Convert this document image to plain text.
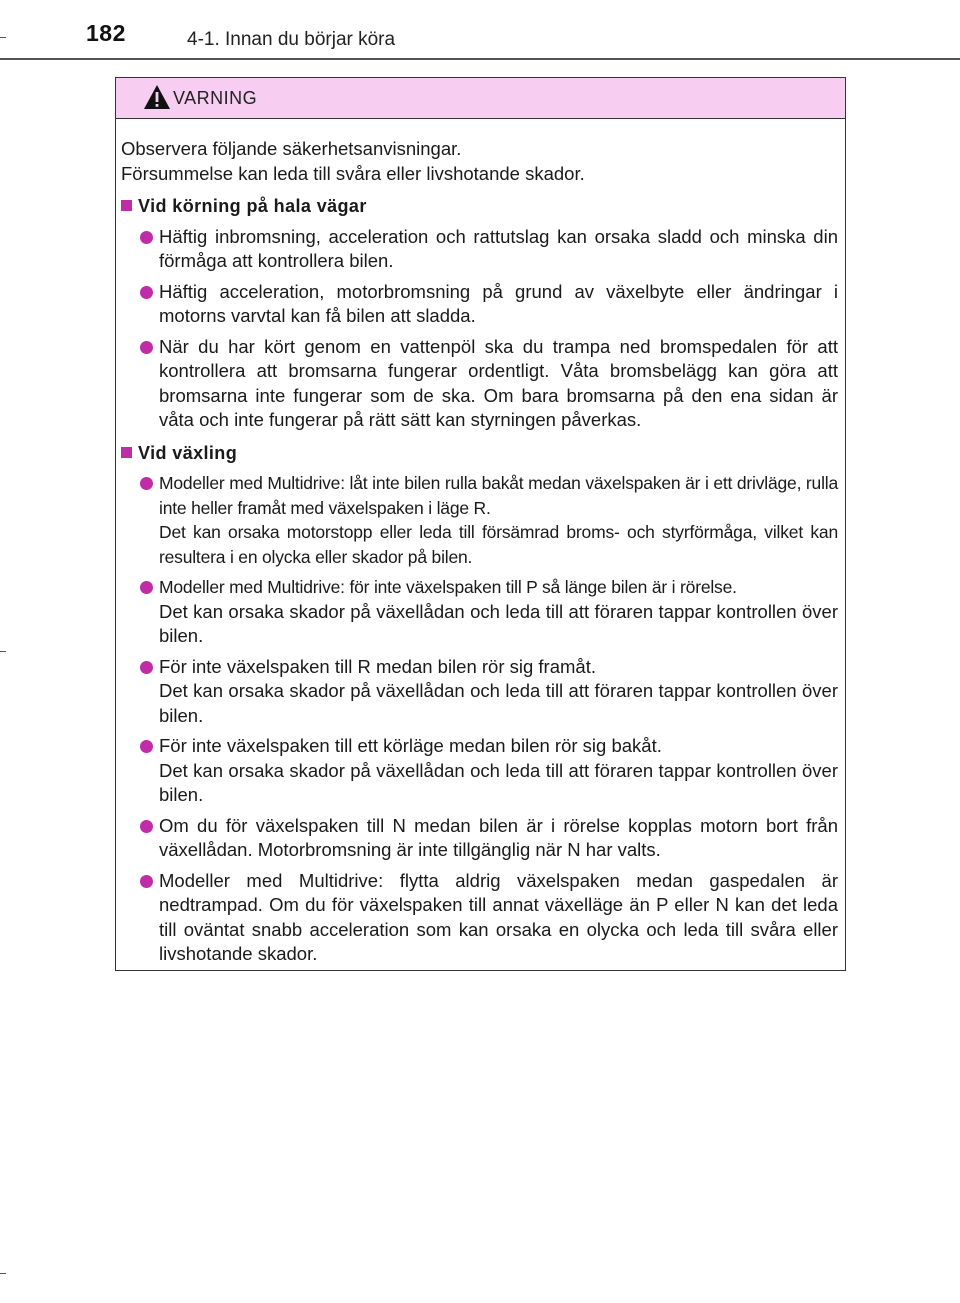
182	4-1. Innan du börjar köra
VARNING

Observera följande säkerhetsanvisningar.

Försummelse kan leda till svåra eller livshotande skador.

Vid körning på hala vägar

Häftig inbromsning, acceleration och rattutslag kan orsaka sladd och minska din förmåga att kontrollera bilen.

Häftig acceleration, motorbromsning på grund av växelbyte eller ändringar i motorns varvtal kan få bilen att sladda.

När du har kört genom en vattenpöl ska du trampa ned bromspedalen för att kontrollera att bromsarna fungerar ordentligt. Våta bromsbelägg kan göra att bromsarna inte fungerar som de ska. Om bara bromsarna på den ena sidan är våta och inte fungerar på rätt sätt kan styrningen påverkas.

Vid växling

Modeller med Multidrive: låt inte bilen rulla bakåt medan växelspaken är i ett drivläge, rulla inte heller framåt med växelspaken i läge R.

Det kan orsaka motorstopp eller leda till försämrad broms- och styrförmåga, vilket kan resultera i en olycka eller skador på bilen.

Modeller med Multidrive: för inte växelspaken till P så länge bilen är i rörelse.

Det kan orsaka skador på växellådan och leda till att föraren tappar kontrollen över bilen.

För inte växelspaken till R medan bilen rör sig framåt.

Det kan orsaka skador på växellådan och leda till att föraren tappar kontrollen över bilen.

För inte växelspaken till ett körläge medan bilen rör sig bakåt.

Det kan orsaka skador på växellådan och leda till att föraren tappar kontrollen över bilen.

Om du för växelspaken till N medan bilen är i rörelse kopplas motorn bort från växellådan. Motorbromsning är inte tillgänglig när N har valts.

Modeller med Multidrive: flytta aldrig växelspaken medan gaspedalen är nedtrampad. Om du för växelspaken till annat växelläge än P eller N kan det leda till oväntat snabb acceleration som kan orsaka en olycka och leda till svåra eller livshotande skador.
